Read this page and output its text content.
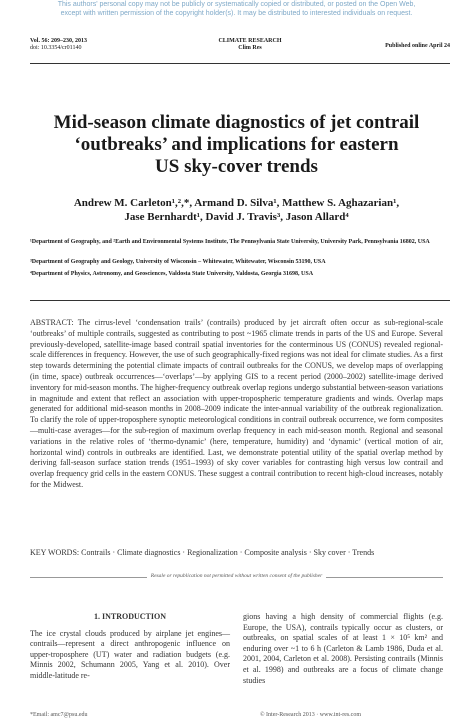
This authors' personal copy may not be publicly or systematically copied or distributed, or posted on the Open Web,
except with written permission of the copyright holder(s). It may be distributed to interested individuals on request.
Vol. 56: 209–230, 2013
doi: 10.3354/cr01140
CLIMATE RESEARCH
Clim Res	Published online April 24
Mid-season climate diagnostics of jet contrail
‘outbreaks’ and implications for eastern
US sky-cover trends
Andrew M. Carleton¹,²,*, Armand D. Silva¹, Matthew S. Aghazarian¹,
Jase Bernhardt¹, David J. Travis³, Jason Allard⁴
¹Department of Geography, and ²Earth and Environmental Systems Institute, The Pennsylvania State University, University Park, Pennsylvania 16802, USA
³Department of Geography and Geology, University of Wisconsin – Whitewater, Whitewater, Wisconsin 53190, USA
⁴Department of Physics, Astronomy, and Geosciences, Valdosta State University, Valdosta, Georgia 31698, USA
ABSTRACT: The cirrus-level ‘condensation trails’ (contrails) produced by jet aircraft often occur as sub-regional-scale ‘outbreaks’ of multiple contrails, suggested as contributing to post ~1965 climate trends in parts of the US and Europe. Several previously-developed, satellite-image based contrail spatial inventories for the conterminous US (CONUS) revealed regional-scale differences in frequency. However, the use of such geographically-fixed regions was not ideal for climate studies. As a first step towards determining the potential climate impacts of contrail outbreaks for the CONUS, we develop maps of overlapping (in time, space) outbreak occurrences—‘overlaps’—by applying GIS to a recent period (2000–2002) satellite-image derived inventory for mid-season months. The higher-frequency outbreak overlap regions undergo substantial between-season variations in magnitude and extent that reflect an association with upper-tropospheric temperature gradients and winds. Overlap maps generated for additional mid-season months in 2008–2009 indicate the inter-annual variability of the outbreak regionalization. To clarify the role of upper-troposphere synoptic meteorological conditions in contrail outbreak occurrence, we form composites—multi-case averages—for the sub-region of maximum overlap frequency in each mid-season month. Regional and seasonal variations in the relative roles of ‘thermo-dynamic’ (here, temperature, humidity) and ‘dynamic’ (vertical motion of air, horizontal wind) controls in outbreaks are identified. Last, we demonstrate potential utility of the spatial overlap method by deriving fall-season surface station trends (1951–1993) of sky cover variables for contrasting high versus low contrail and overlap frequency grid cells in the eastern CONUS. These suggest a contrail contribution to recent high-cloud increases, notably for the Midwest.
KEY WORDS: Contrails · Climate diagnostics · Regionalization · Composite analysis · Sky cover · Trends
Resale or republication not permitted without written consent of the publisher
1. INTRODUCTION
The ice crystal clouds produced by airplane jet engines—contrails—represent a direct anthropogenic influence on upper-troposphere (UT) water and radiation budgets (e.g. Minnis 2002, Schumann 2005, Yang et al. 2010). Over middle-latitude re-
gions having a high density of commercial flights (e.g. Europe, the USA), contrails typically occur as clusters, or outbreaks, on spatial scales of at least 1 × 10⁵ km² and enduring over ~1 to 6 h (Carleton & Lamb 1986, Duda et al. 2001, 2004, Carleton et al. 2008). Persisting contrails (Minnis et al. 1998) and outbreaks are a focus of climate change studies
*Email: amc7@psu.edu	© Inter-Research 2013 · www.int-res.com
